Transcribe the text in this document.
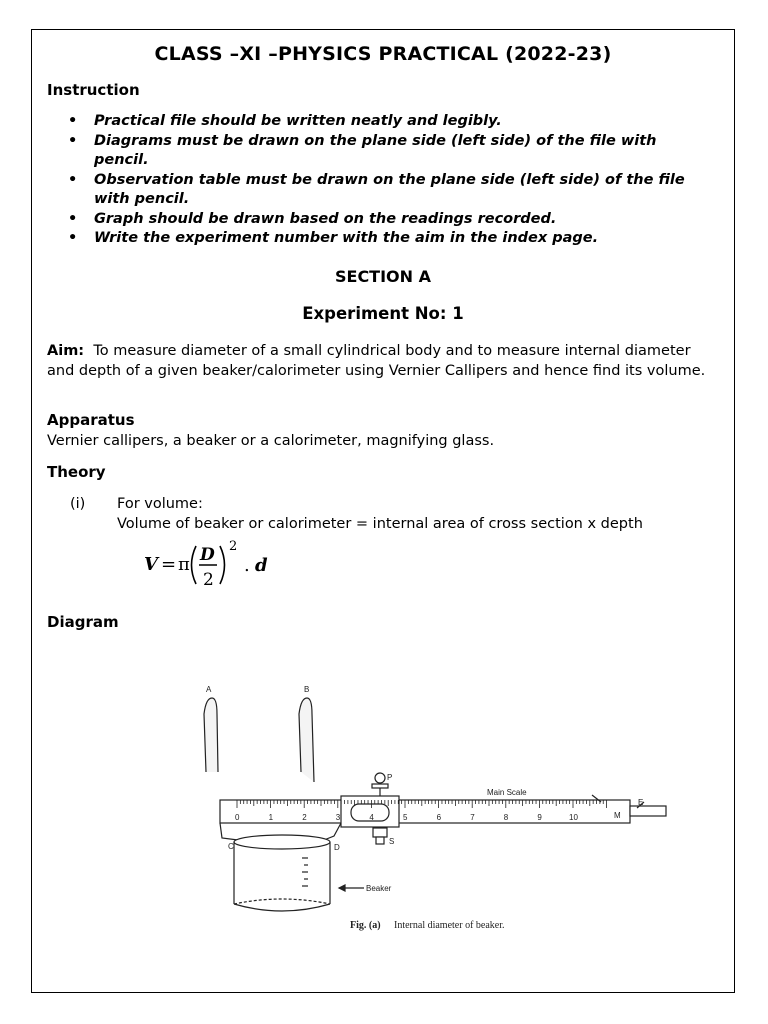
CLASS –XI –PHYSICS PRACTICAL (2022-23)
Instruction
• Practical file should be written neatly and legibly.
• Diagrams must be drawn on the plane side (left side) of the file with pencil.
• Observation table must be drawn on the plane side (left side) of the file with pencil.
• Graph should be drawn based on the readings recorded.
• Write the experiment number with the aim in the index page.
SECTION A
Experiment No: 1
Aim: To measure diameter of a small cylindrical body and to measure internal diameter and depth of a given beaker/calorimeter using Vernier Callipers and hence find its volume.
Apparatus
Vernier callipers, a beaker or a calorimeter, magnifying glass.
Theory
(i) For volume:
Volume of beaker or calorimeter = internal area of cross section x depth
V = π D
2
2
. d
Diagram
0	1	2	3	4	5	6	7	8	9	10
A	B
P
S
Main Scale
M
E
C	D
Beaker
Fig. (a) Internal diameter of beaker.
